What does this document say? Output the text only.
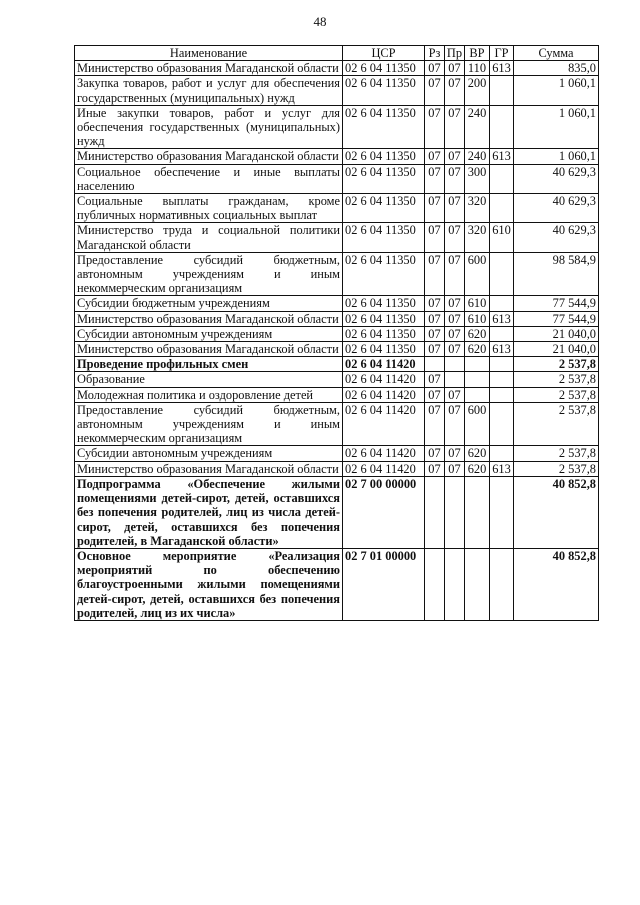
48
Наименование	ЦСР	Рз	Пр	ВР	ГР	Сумма
Министерство образования Магаданской области	02 6 04 11350	07	07	110	613	835,0
Закупка товаров, работ и услуг для обеспечения государственных (муниципальных) нужд	02 6 04 11350	07	07	200		1 060,1
Иные закупки товаров, работ и услуг для обеспечения государственных (муниципальных) нужд	02 6 04 11350	07	07	240		1 060,1
Министерство образования Магаданской области	02 6 04 11350	07	07	240	613	1 060,1
Социальное обеспечение и иные выплаты населению	02 6 04 11350	07	07	300		40 629,3
Социальные выплаты гражданам, кроме публичных нормативных социальных выплат	02 6 04 11350	07	07	320		40 629,3
Министерство труда и социальной политики Магаданской области	02 6 04 11350	07	07	320	610	40 629,3
Предоставление субсидий бюджетным, автономным учреждениям и иным некоммерческим организациям	02 6 04 11350	07	07	600		98 584,9
Субсидии бюджетным учреждениям	02 6 04 11350	07	07	610		77 544,9
Министерство образования Магаданской области	02 6 04 11350	07	07	610	613	77 544,9
Субсидии автономным учреждениям	02 6 04 11350	07	07	620		21 040,0
Министерство образования Магаданской области	02 6 04 11350	07	07	620	613	21 040,0
Проведение профильных смен	02 6 04 11420					2 537,8
Образование	02 6 04 11420	07				2 537,8
Молодежная политика и оздоровление детей	02 6 04 11420	07	07			2 537,8
Предоставление субсидий бюджетным, автономным учреждениям и иным некоммерческим организациям	02 6 04 11420	07	07	600		2 537,8
Субсидии автономным учреждениям	02 6 04 11420	07	07	620		2 537,8
Министерство образования Магаданской области	02 6 04 11420	07	07	620	613	2 537,8
Подпрограмма «Обеспечение жилыми помещениями детей-сирот, детей, оставшихся без попечения родителей, лиц из числа детей-сирот, детей, оставшихся без попечения родителей, в Магаданской области»	02 7 00 00000					40 852,8
Основное мероприятие «Реализация мероприятий по обеспечению благоустроенными жилыми помещениями детей-сирот, детей, оставшихся без попечения родителей, лиц из их числа»	02 7 01 00000					40 852,8
